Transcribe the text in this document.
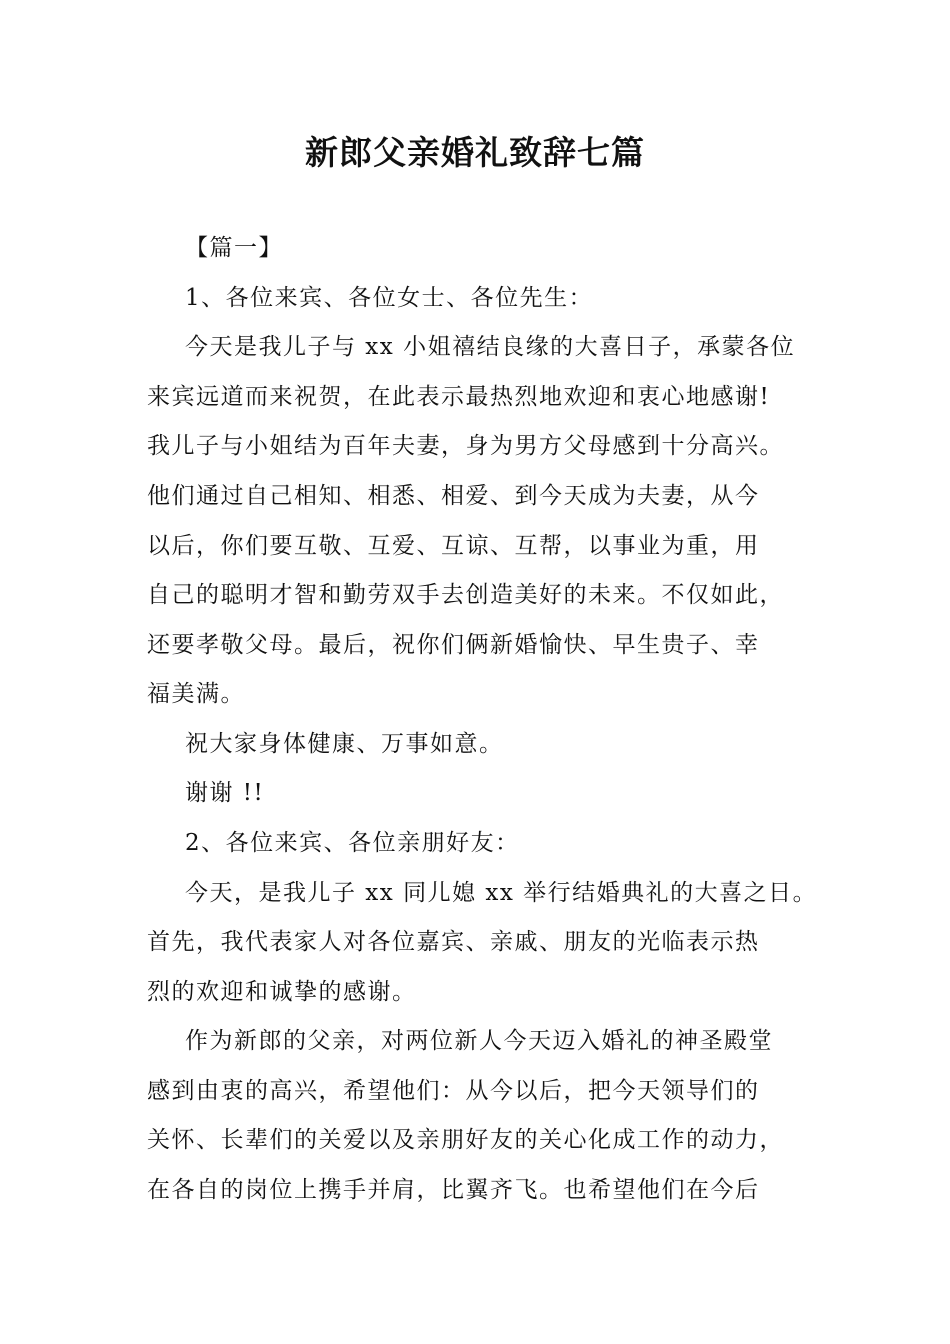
新郎父亲婚礼致辞七篇
【篇一】
1、各位来宾、各位女士、各位先生：
今天是我儿子与 xx 小姐禧结良缘的大喜日子，承蒙各位
来宾远道而来祝贺，在此表示最热烈地欢迎和衷心地感谢!
我儿子与小姐结为百年夫妻，身为男方父母感到十分高兴。
他们通过自己相知、相悉、相爱、到今天成为夫妻，从今
以后，你们要互敬、互爱、互谅、互帮，以事业为重，用
自己的聪明才智和勤劳双手去创造美好的未来。不仅如此，
还要孝敬父母。最后，祝你们俩新婚愉快、早生贵子、幸
福美满。
祝大家身体健康、万事如意。
谢谢 !!
2、各位来宾、各位亲朋好友：
今天，是我儿子 xx 同儿媳 xx 举行结婚典礼的大喜之日。
首先，我代表家人对各位嘉宾、亲戚、朋友的光临表示热
烈的欢迎和诚挚的感谢。
作为新郎的父亲，对两位新人今天迈入婚礼的神圣殿堂
感到由衷的高兴，希望他们：从今以后，把今天领导们的
关怀、长辈们的关爱以及亲朋好友的关心化成工作的动力，
在各自的岗位上携手并肩，比翼齐飞。也希望他们在今后
